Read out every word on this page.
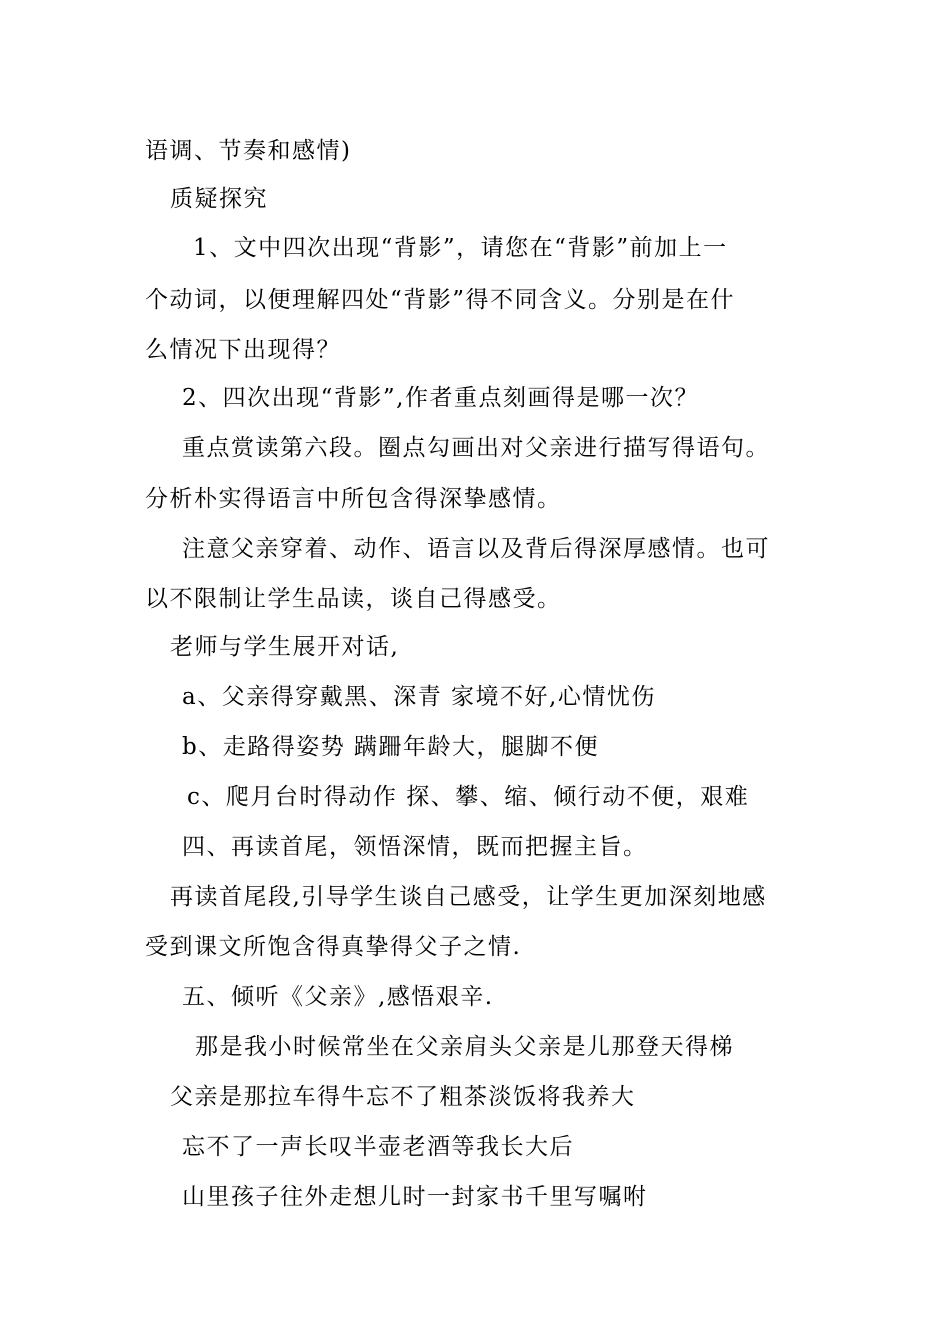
语调、节奏和感情)
质疑探究
1、文中四次出现“背影”，请您在“背影”前加上一
个动词，以便理解四处“背影”得不同含义。分别是在什
么情况下出现得？
2、四次出现“背影”,作者重点刻画得是哪一次？
重点赏读第六段。圈点勾画出对父亲进行描写得语句。
分析朴实得语言中所包含得深挚感情。
注意父亲穿着、动作、语言以及背后得深厚感情。也可
以不限制让学生品读，谈自己得感受。
老师与学生展开对话,
a、父亲得穿戴黑、深青 家境不好,心情忧伤
b、走路得姿势 蹒跚年龄大，腿脚不便
c、爬月台时得动作 探、攀、缩、倾行动不便，艰难
四、再读首尾，领悟深情，既而把握主旨。
再读首尾段,引导学生谈自己感受，让学生更加深刻地感
受到课文所饱含得真挚得父子之情.
五、倾听《父亲》,感悟艰辛.
那是我小时候常坐在父亲肩头父亲是儿那登天得梯
父亲是那拉车得牛忘不了粗茶淡饭将我养大
忘不了一声长叹半壶老酒等我长大后
山里孩子往外走想儿时一封家书千里写嘱咐
